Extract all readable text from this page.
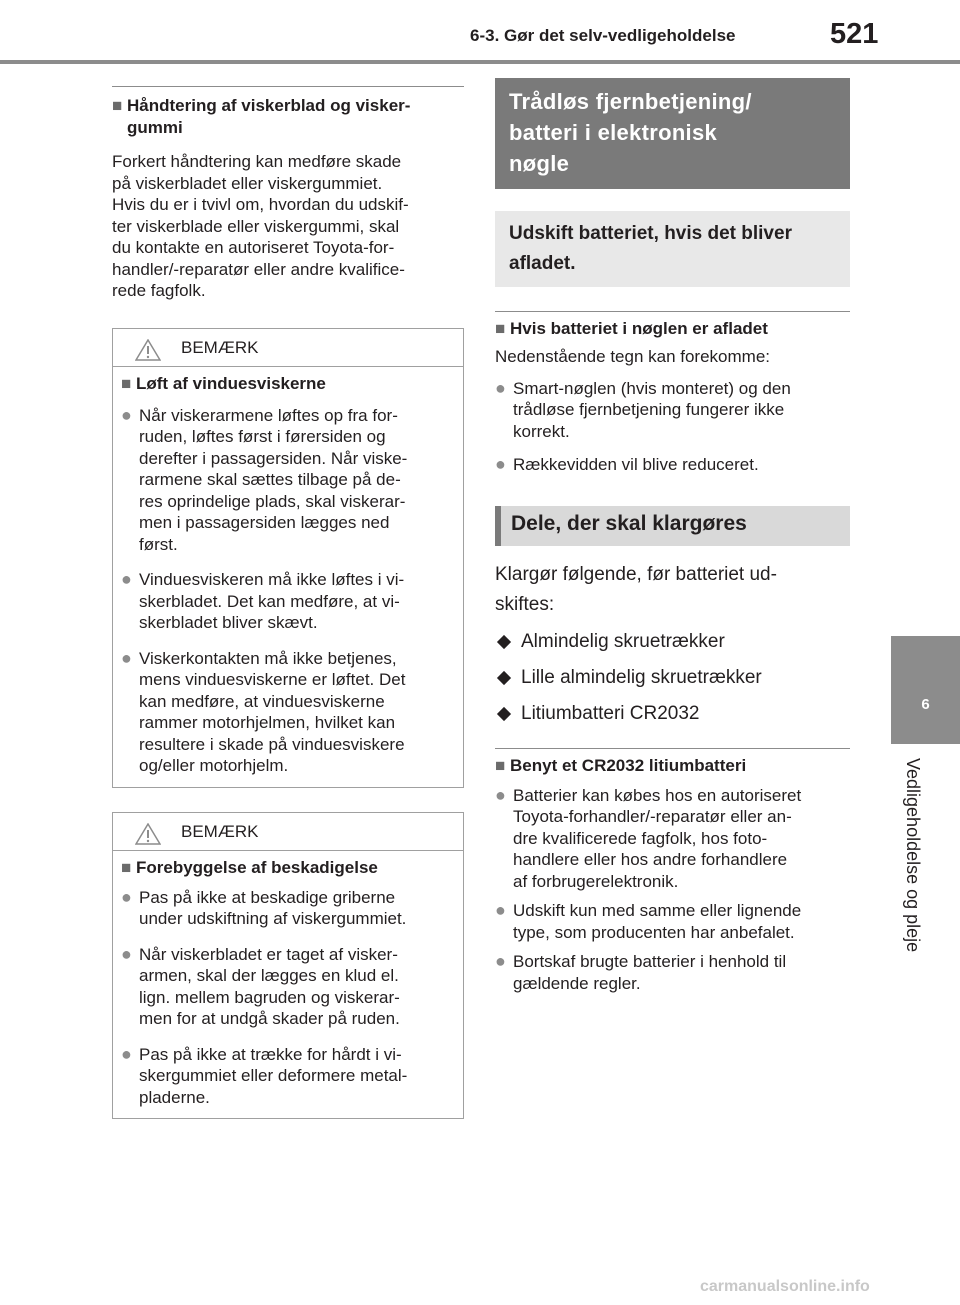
6-3. Gør det selv-vedligeholdelse	521
6
Vedligeholdelse og pleje
■ Håndtering af viskerblad og visker-gummi
Forkert håndtering kan medføre skade
på viskerbladet eller viskergummiet.
Hvis du er i tvivl om, hvordan du udskif-
ter viskerblade eller viskergummi, skal
du kontakte en autoriseret Toyota-for-
handler/-reparatør eller andre kvalifice-
rede fagfolk.
BEMÆRK
■ Løft af vinduesviskerne
● Når viskerarmene løftes op fra for-
ruden, løftes først i førersiden og
derefter i passagersiden. Når viske-
rarmene skal sættes tilbage på de-
res oprindelige plads, skal viskerar-
men i passagersiden lægges ned
først.
● Vinduesviskeren må ikke løftes i vi-
skerbladet. Det kan medføre, at vi-
skerbladet bliver skævt.
● Viskerkontakten må ikke betjenes,
mens vinduesviskerne er løftet. Det
kan medføre, at vinduesviskerne
rammer motorhjelmen, hvilket kan
resultere i skade på vinduesviskere
og/eller motorhjelm.
BEMÆRK
■ Forebyggelse af beskadigelse
● Pas på ikke at beskadige griberne
under udskiftning af viskergummiet.
● Når viskerbladet er taget af visker-
armen, skal der lægges en klud el.
lign. mellem bagruden og viskerar-
men for at undgå skader på ruden.
● Pas på ikke at trække for hårdt i vi-
skergummiet eller deformere metal-
pladerne.
Trådløs fjernbetjening/
batteri i elektronisk
nøgle
Udskift batteriet, hvis det bliver
afladet.
■ Hvis batteriet i nøglen er afladet
Nedenstående tegn kan forekomme:
● Smart-nøglen (hvis monteret) og den
trådløse fjernbetjening fungerer ikke
korrekt.
● Rækkevidden vil blive reduceret.
Dele, der skal klargøres
Klargør følgende, før batteriet ud-
skiftes:
Almindelig skruetrækker
Lille almindelig skruetrækker
Litiumbatteri CR2032
■ Benyt et CR2032 litiumbatteri
● Batterier kan købes hos en autoriseret
Toyota-forhandler/-reparatør eller an-
dre kvalificerede fagfolk, hos foto-
handlere eller hos andre forhandlere
af forbrugerelektronik.
● Udskift kun med samme eller lignende
type, som producenten har anbefalet.
● Bortskaf brugte batterier i henhold til
gældende regler.
carmanualsonline.info
